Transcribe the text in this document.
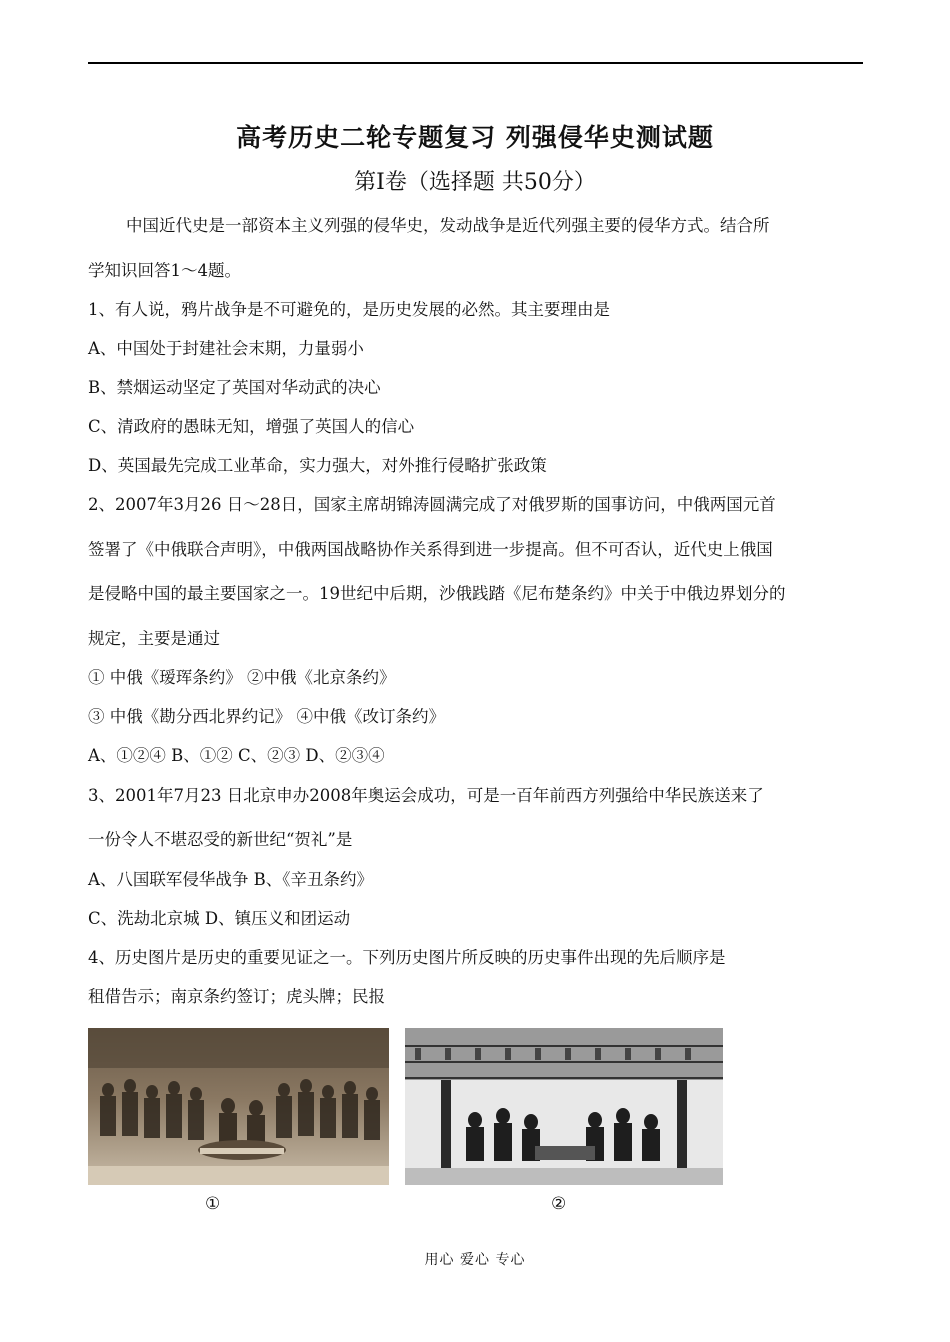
高考历史二轮专题复习 列强侵华史测试题
第Ⅰ卷（选择题 共50分）
中国近代史是一部资本主义列强的侵华史，发动战争是近代列强主要的侵华方式。结合所
学知识回答1～4题。
1、有人说，鸦片战争是不可避免的，是历史发展的必然。其主要理由是
A、中国处于封建社会末期，力量弱小
B、禁烟运动坚定了英国对华动武的决心
C、清政府的愚昧无知，增强了英国人的信心
D、英国最先完成工业革命，实力强大，对外推行侵略扩张政策
2、2007年3月26 日～28日，国家主席胡锦涛圆满完成了对俄罗斯的国事访问，中俄两国元首
签署了《中俄联合声明》，中俄两国战略协作关系得到进一步提高。但不可否认，近代史上俄国
是侵略中国的最主要国家之一。19世纪中后期，沙俄践踏《尼布楚条约》中关于中俄边界划分的
规定，主要是通过
① 中俄《瑷珲条约》 ②中俄《北京条约》
③ 中俄《勘分西北界约记》 ④中俄《改订条约》
A、①②④ B、①② C、②③ D、②③④
3、2001年7月23 日北京申办2008年奥运会成功，可是一百年前西方列强给中华民族送来了
一份令人不堪忍受的新世纪“贺礼”是
A、八国联军侵华战争 B、《辛丑条约》
C、洗劫北京城 D、镇压义和团运动
4、历史图片是历史的重要见证之一。下列历史图片所反映的历史事件出现的先后顺序是
租借告示；南京条约签订；虎头牌；民报
①	②
用心 爱心 专心
